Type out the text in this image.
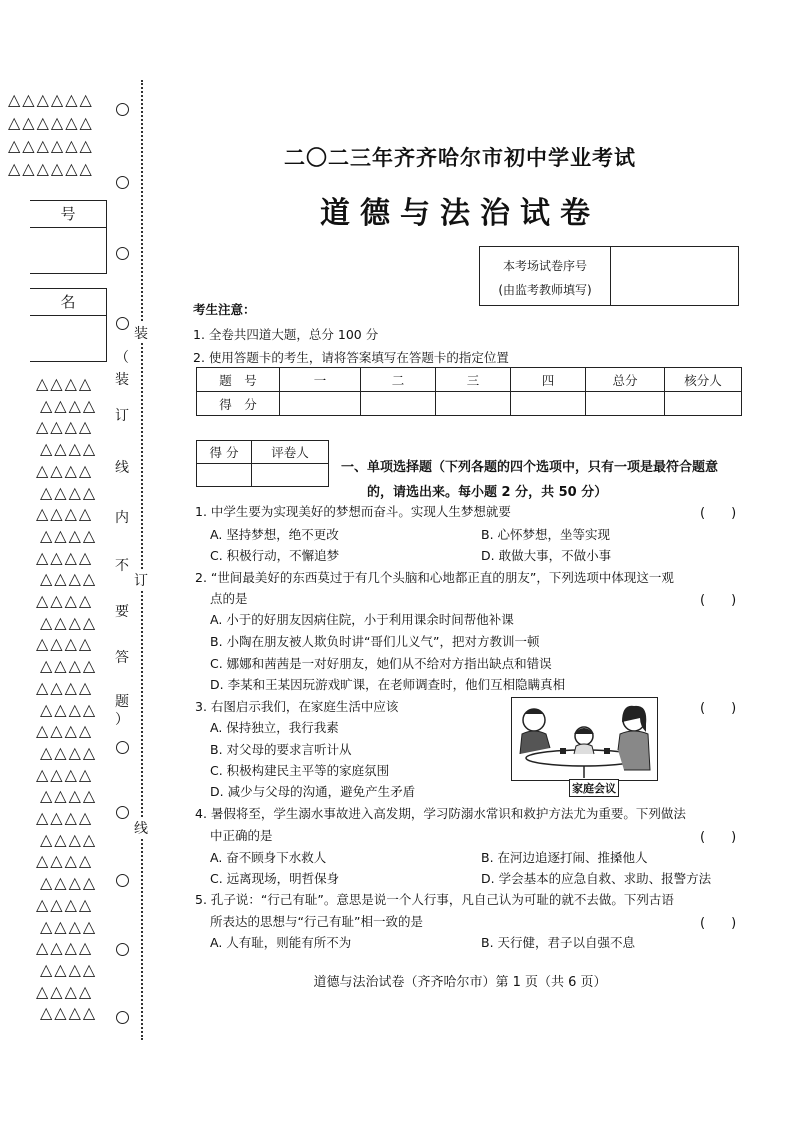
△△△△△△
△△△△△△
△△△△△△
△△△△△△
△△△△
△△△△
△△△△
△△△△
△△△△
△△△△
△△△△
△△△△
△△△△
△△△△
△△△△
△△△△
△△△△
△△△△
△△△△
△△△△
△△△△
△△△△
△△△△
△△△△
△△△△
△△△△
△△△△
△△△△
△△△△
△△△△
△△△△
△△△△
△△△△
△△△△
号
名
（
装
订
线
内
不
要
答
题
）
装
订
线
二〇二三年齐齐哈尔市初中学业考试
道德与法治试卷
本考场试卷序号
(由监考教师填写)
考生注意：
1. 全卷共四道大题，总分 100 分
2. 使用答题卡的考生，请将答案填写在答题卡的指定位置
题　号	一	二	三	四	总分	核分人
得　分						
得 分	评卷人

一、单项选择题（下列各题的四个选项中，只有一项是最符合题意
的，请选出来。每小题 2 分，共 50 分）
1. 中学生要为实现美好的梦想而奋斗。实现人生梦想就要	(　　)
A. 坚持梦想，绝不更改	B. 心怀梦想，坐等实现
C. 积极行动，不懈追梦	D. 敢做大事，不做小事
2. “世间最美好的东西莫过于有几个头脑和心地都正直的朋友”，下列选项中体现这一观
点的是	(　　)
A. 小于的好朋友因病住院，小于利用课余时间帮他补课
B. 小陶在朋友被人欺负时讲“哥们儿义气”，把对方教训一顿
C. 娜娜和茜茜是一对好朋友，她们从不给对方指出缺点和错误
D. 李某和王某因玩游戏旷课，在老师调查时，他们互相隐瞒真相
3. 右图启示我们，在家庭生活中应该	(　　)
A. 保持独立，我行我素
B. 对父母的要求言听计从
C. 积极构建民主平等的家庭氛围
D. 减少与父母的沟通，避免产生矛盾	家庭会议
4. 暑假将至，学生溺水事故进入高发期，学习防溺水常识和救护方法尤为重要。下列做法
中正确的是	(　　)
A. 奋不顾身下水救人	B. 在河边追逐打闹、推搡他人
C. 远离现场，明哲保身	D. 学会基本的应急自救、求助、报警方法
5. 孔子说：“行己有耻”。意思是说一个人行事，凡自己认为可耻的就不去做。下列古语
所表达的思想与“行己有耻”相一致的是	(　　)
A. 人有耻，则能有所不为	B. 天行健，君子以自强不息
道德与法治试卷（齐齐哈尔市）第 1 页（共 6 页）
